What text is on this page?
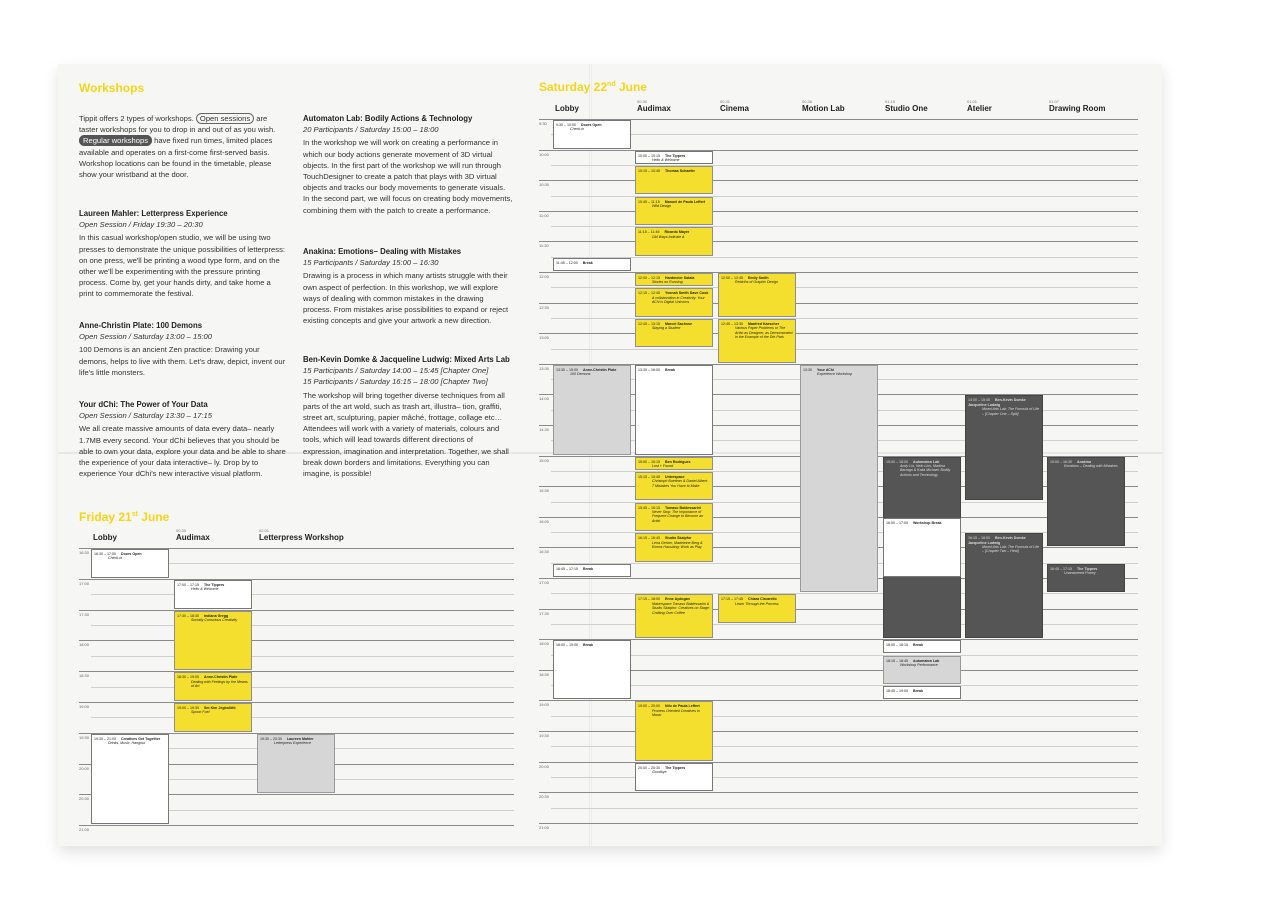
Workshops
Tippit offers 2 types of workshops. Open sessions are taster workshops for you to drop in and out of as you wish. Regular workshops have fixed run times, limited places available and operates on a first-come first-served basis. Workshop locations can be found in the timetable, please show your wristband at the door.
Laureen Mahler: Letterpress Experience
Open Session / Friday 19:30 – 20:30

In this casual workshop/open studio, we will be using two presses to demonstrate the unique possibilities of letterpress: on one press, we'll be printing a wood type form, and on the other we'll be experimenting with the pressure printing process. Come by, get your hands dirty, and take home a print to commemorate the festival.

Anne-Christin Plate: 100 Demons
Open Session / Saturday 13:00 – 15:00

100 Demons is an ancient Zen practice: Drawing your demons, helps to live with them. Let's draw, depict, invent our life's little monsters.

Your dChi: The Power of Your Data
Open Session / Saturday 13:30 – 17:15

We all create massive amounts of data every data– nearly 1.7MB every second. Your dChi believes that you should be able to own your data, explore your data and be able to share the experience of your data interactive– ly. Drop by to experience Your dChi's new interactive visual platform.

Automaton Lab: Bodily Actions & Technology
20 Participants / Saturday 15:00 – 18:00

In the workshop we will work on creating a performance in which our body actions generate movement of 3D virtual objects. In the first part of the workshop we will run through TouchDesigner to create a patch that plays with 3D virtual objects and tracks our body movements to generate visuals. In the second part, we will focus on creating body movements, combining them with the patch to create a performance.

Anakina: Emotions– Dealing with Mistakes
15 Participants / Saturday 15:00 – 16:30

Drawing is a process in which many artists struggle with their own aspect of perfection. In this workshop, we will explore ways of dealing with common mistakes in the drawing process. From mistakes arise possibilities to expand or reject existing concepts and give your artwork a new direction.

Ben-Kevin Domke & Jacqueline Ludwig: Mixed Arts Lab
15 Participants / Saturday 14:00 – 15:45 [Chapter One]
15 Participants / Saturday 16:15 – 18:00 [Chapter Two]

The workshop will bring together diverse techniques from all parts of the art wold, such as trash art, illustra– tion, graffiti, street art, sculpturing, papier mâché, frottage, collage etc… Attendees will work with a variety of materials, colours and tools, which will lead towards different directions of expression, imagination and interpretation. Together, we shall break down borders and limitations. Everything you can imagine, is possible!

Friday 21st June
Lobby
00.30
Audimax
02.01
Letterpress Workshop
16:30
17:00
17:30
18:00
18:30
19:00
19:30
20:00
20:30
21:00
16:30 – 17:00 Doors Open
Check-in
17:00 – 17:15 The Tippers
Hello & Welcome
17:30 – 18:30 Indiana Gregg
Socially Conscious Creativity
18:30 – 19:00 Anne-Christin Plate
Dealing with Feelings by the Means of Art
19:00 – 19:30 Sm Kim Jegbolöfö
Spoon Fuel
19:30 – 21:00 Creatives Get Together
Drinks, Music, Hangout
19:30 – 20:30 Laureen Mahler
Letterpress Experience
Saturday 22nd June
Lobby
00.30
Audimax
00.31
Cinema
00.36
Motion Lab
01.15
Studio One
01.01
Atelier
01.07
Drawing Room
9:30
10:00
10:30
11:00
11:30
12:00
12:30
13:00
13:30
14:00
14:30
15:00
15:30
16:00
16:30
17:00
17:30
18:00
18:30
19:00
19:30
20:00
20:30
21:00
9:30 – 10:00 Doors Open
Check-in
10:00 – 10:15 The Tippers
Hello & Welcome
10:15 – 10:45 Thomas Schaefer
10:45 – 11:15 Manuel de Paula Leffert
Wild Design
11:15 – 11:45 Ricardo Mayer
Old Ways Indicate A
11:45 – 12:00 Break
12:00 – 12:15 Hardmeier Satala
Stories on Running
12:15 – 12:45 Yvonah Smith Dave Cook
A collaboration in Creativity: Your dChi is Digital Unicorns
12:45 – 13:15 Marcel Sachsse
Staying a Student
12:00 – 12:45 Emily Smith
Rebirths of Graphic Design
12:45 – 13:30 Manfred Kaescher
Various Paper Problems or The Artist as Designer, as Demonstrated in the Example of the Die-Park
13:30 – 15:00 Anne-Christin Plate
100 Demons
13:30 – 16:00 Break	13:30 Your dChi
Experience Workshop
14:00 – 15:45 Ben-Kevin Domke Jacqueline Ludwig
Mixed Arts Lab: The Formula of Life – [Chapter One – Split]
15:00 – 15:15 Ben Rodrigues
Lost + Found
15:15 – 15:45 Unterspace
Christoph Buettner & Daniel Albert: 7 Mistakes You Have to Make
15:45 – 16:15 Tomaso Baldessarini
Never Stop: The Importance of Frequent Change to Become an Artist
16:15 – 16:45 Studio Skalpfor
Lena Gerber, Madeleine Berg & Emma Hausding: Work as Play
15:00 – 18:00 Automaton Lab
Andy Lio, Nelo Lins, Martina Barrago & Kaiia Michael: Bodily Actions and Technology
16:00 – 17:00 Workshop Break
15:00 – 16:30 Anakina
Emotions – Dealing with Mistakes
16:15 – 18:00 Ben-Kevin Domke Jacqueline Ludwig
Mixed Arts Lab: The Formula of Life – [Chapter Two – Heal]
16:45 – 17:15 The Tippers
Unanswered Poetry
16:45 – 17:15 Break
17:15 – 18:00 Enne Aydogan
Makerspace Tomaso Baldessarini & Studio Skalpfor: Creatives on Stage: Crafting Over Coffee
17:15 – 17:45 Chiara Circarello
Learn Through the Process
18:00 – 18:15 Break
18:00 – 19:00 Break
18:15 – 18:45 Automaton Lab
Workshop Performance
18:45 – 19:00 Break
19:00 – 20:00 Nilo de Paula Leffert
Process Oriented Creatives in Music
20:00 – 20:30 The Tippers
Goodbye
